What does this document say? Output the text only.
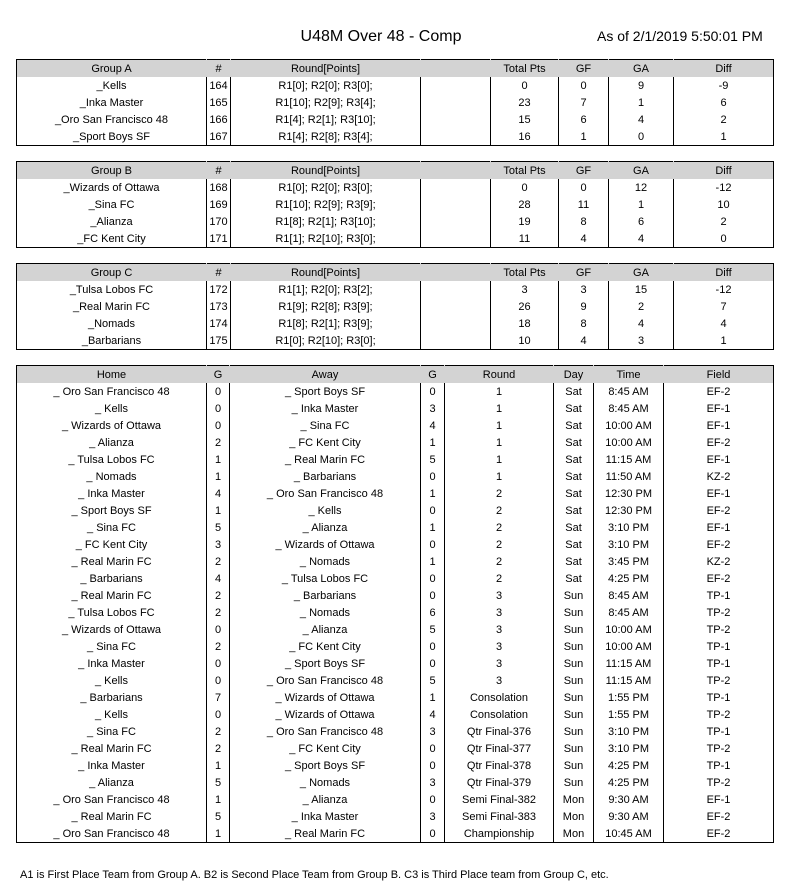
U48M Over 48 - Comp	As of 2/1/2019 5:50:01 PM
Group A	#	Round[Points]		Total Pts	GF	GA	Diff
_Kells	164	R1[0]; R2[0]; R3[0];		0	0	9	-9
_Inka Master	165	R1[10]; R2[9]; R3[4];		23	7	1	6
_Oro San Francisco 48	166	R1[4]; R2[1]; R3[10];		15	6	4	2
_Sport Boys SF	167	R1[4]; R2[8]; R3[4];		16	1	0	1
Group B	#	Round[Points]		Total Pts	GF	GA	Diff
_Wizards of Ottawa	168	R1[0]; R2[0]; R3[0];		0	0	12	-12
_Sina FC	169	R1[10]; R2[9]; R3[9];		28	11	1	10
_Alianza	170	R1[8]; R2[1]; R3[10];		19	8	6	2
_FC Kent City	171	R1[1]; R2[10]; R3[0];		11	4	4	0
Group C	#	Round[Points]		Total Pts	GF	GA	Diff
_Tulsa Lobos FC	172	R1[1]; R2[0]; R3[2];		3	3	15	-12
_Real Marin FC	173	R1[9]; R2[8]; R3[9];		26	9	2	7
_Nomads	174	R1[8]; R2[1]; R3[9];		18	8	4	4
_Barbarians	175	R1[0]; R2[10]; R3[0];		10	4	3	1
Home	G	Away	G	Round	Day	Time	Field
_ Oro San Francisco 48	0	_ Sport Boys SF	0	1	Sat	8:45 AM	EF-2
_ Kells	0	_ Inka Master	3	1	Sat	8:45 AM	EF-1
_ Wizards of Ottawa	0	_ Sina FC	4	1	Sat	10:00 AM	EF-1
_ Alianza	2	_ FC Kent City	1	1	Sat	10:00 AM	EF-2
_ Tulsa Lobos FC	1	_ Real Marin FC	5	1	Sat	11:15 AM	EF-1
_ Nomads	1	_ Barbarians	0	1	Sat	11:50 AM	KZ-2
_ Inka Master	4	_ Oro San Francisco 48	1	2	Sat	12:30 PM	EF-1
_ Sport Boys SF	1	_ Kells	0	2	Sat	12:30 PM	EF-2
_ Sina FC	5	_ Alianza	1	2	Sat	3:10 PM	EF-1
_ FC Kent City	3	_ Wizards of Ottawa	0	2	Sat	3:10 PM	EF-2
_ Real Marin FC	2	_ Nomads	1	2	Sat	3:45 PM	KZ-2
_ Barbarians	4	_ Tulsa Lobos FC	0	2	Sat	4:25 PM	EF-2
_ Real Marin FC	2	_ Barbarians	0	3	Sun	8:45 AM	TP-1
_ Tulsa Lobos FC	2	_ Nomads	6	3	Sun	8:45 AM	TP-2
_ Wizards of Ottawa	0	_ Alianza	5	3	Sun	10:00 AM	TP-2
_ Sina FC	2	_ FC Kent City	0	3	Sun	10:00 AM	TP-1
_ Inka Master	0	_ Sport Boys SF	0	3	Sun	11:15 AM	TP-1
_ Kells	0	_ Oro San Francisco 48	5	3	Sun	11:15 AM	TP-2
_ Barbarians	7	_ Wizards of Ottawa	1	Consolation	Sun	1:55 PM	TP-1
_ Kells	0	_ Wizards of Ottawa	4	Consolation	Sun	1:55 PM	TP-2
_ Sina FC	2	_ Oro San Francisco 48	3	Qtr Final-376	Sun	3:10 PM	TP-1
_ Real Marin FC	2	_ FC Kent City	0	Qtr Final-377	Sun	3:10 PM	TP-2
_ Inka Master	1	_ Sport Boys SF	0	Qtr Final-378	Sun	4:25 PM	TP-1
_ Alianza	5	_ Nomads	3	Qtr Final-379	Sun	4:25 PM	TP-2
_ Oro San Francisco 48	1	_ Alianza	0	Semi Final-382	Mon	9:30 AM	EF-1
_ Real Marin FC	5	_ Inka Master	3	Semi Final-383	Mon	9:30 AM	EF-2
_ Oro San Francisco 48	1	_ Real Marin FC	0	Championship	Mon	10:45 AM	EF-2
A1 is First Place Team from Group A. B2 is Second Place Team from Group B. C3 is Third Place team from Group C, etc.
